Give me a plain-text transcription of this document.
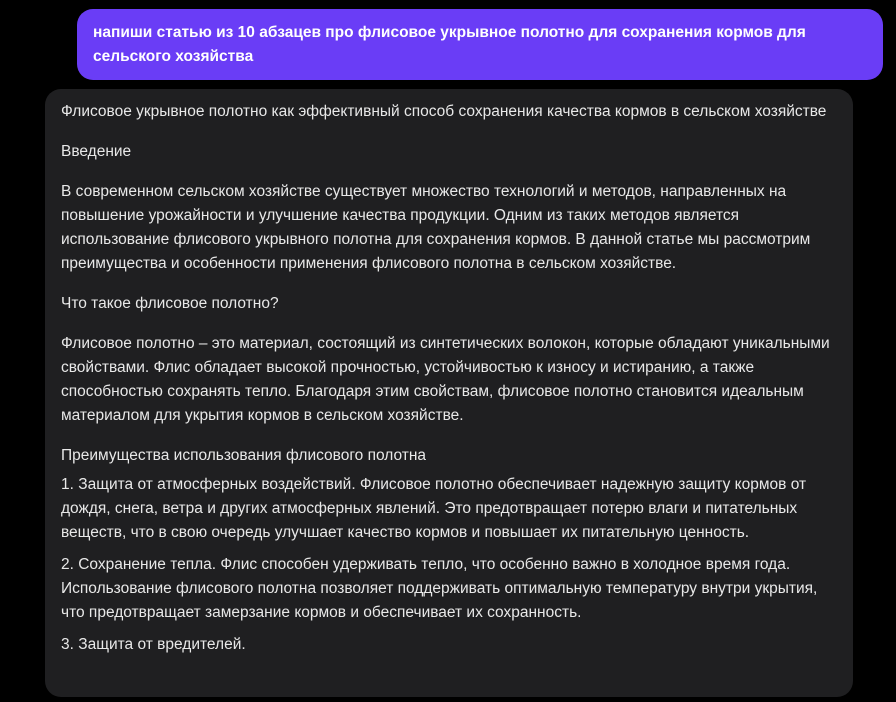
напиши статью из 10 абзацев про флисовое укрывное полотно для сохранения кормов для сельского хозяйства

Флисовое укрывное полотно как эффективный способ сохранения качества кормов в сельском хозяйстве

Введение

В современном сельском хозяйстве существует множество технологий и методов, направленных на повышение урожайности и улучшение качества продукции. Одним из таких методов является использование флисового укрывного полотна для сохранения кормов. В данной статье мы рассмотрим преимущества и особенности применения флисового полотна в сельском хозяйстве.

Что такое флисовое полотно?

Флисовое полотно – это материал, состоящий из синтетических волокон, которые обладают уникальными свойствами. Флис обладает высокой прочностью, устойчивостью к износу и истиранию, а также способностью сохранять тепло. Благодаря этим свойствам, флисовое полотно становится идеальным материалом для укрытия кормов в сельском хозяйстве.

Преимущества использования флисового полотна

1. Защита от атмосферных воздействий. Флисовое полотно обеспечивает надежную защиту кормов от дождя, снега, ветра и других атмосферных явлений. Это предотвращает потерю влаги и питательных веществ, что в свою очередь улучшает качество кормов и повышает их питательную ценность.

2. Сохранение тепла. Флис способен удерживать тепло, что особенно важно в холодное время года. Использование флисового полотна позволяет поддерживать оптимальную температуру внутри укрытия, что предотвращает замерзание кормов и обеспечивает их сохранность.

3. Защита от вредителей.
